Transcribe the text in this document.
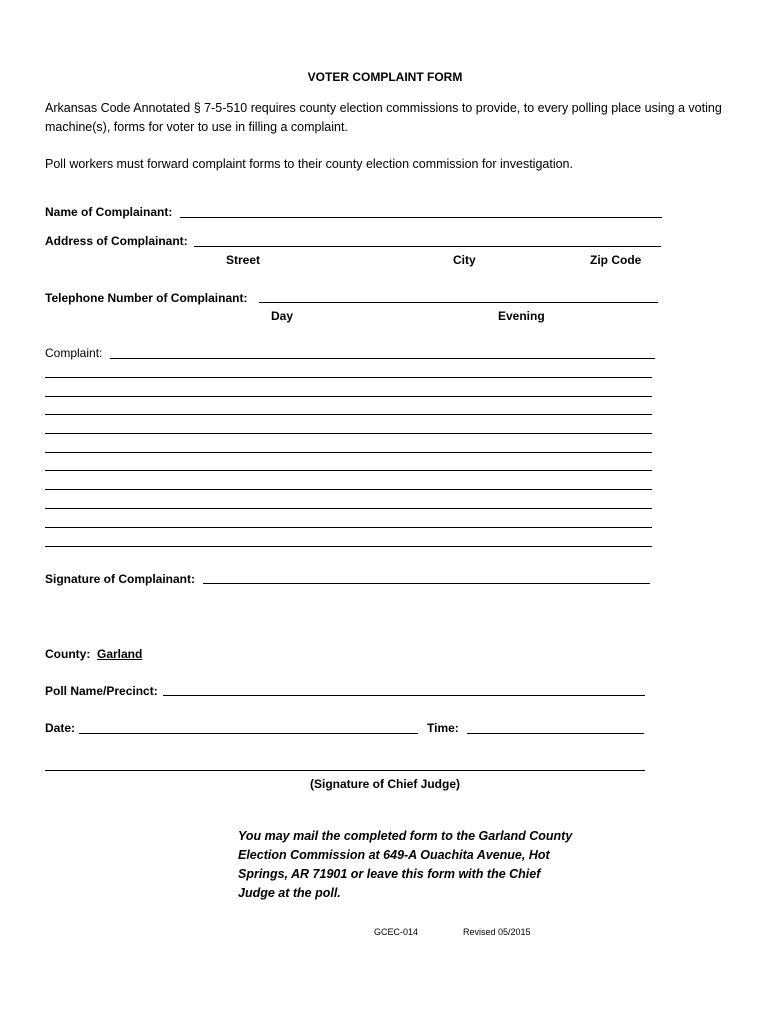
VOTER COMPLAINT FORM
Arkansas Code Annotated § 7-5-510 requires county election commissions to provide, to every polling place using a voting machine(s), forms for voter to use in filling a complaint.
Poll workers must forward complaint forms to their county election commission for investigation.
Name of Complainant:
Address of Complainant:
Street	City	Zip Code
Telephone Number of Complainant:
Day	Evening
Complaint:
Signature of Complainant:
County: Garland
Poll Name/Precinct:
Date:	Time:
(Signature of Chief Judge)
You may mail the completed form to the Garland County Election Commission at 649-A Ouachita Avenue, Hot Springs, AR 71901 or leave this form with the Chief Judge at the poll.
GCEC-014	Revised 05/2015
